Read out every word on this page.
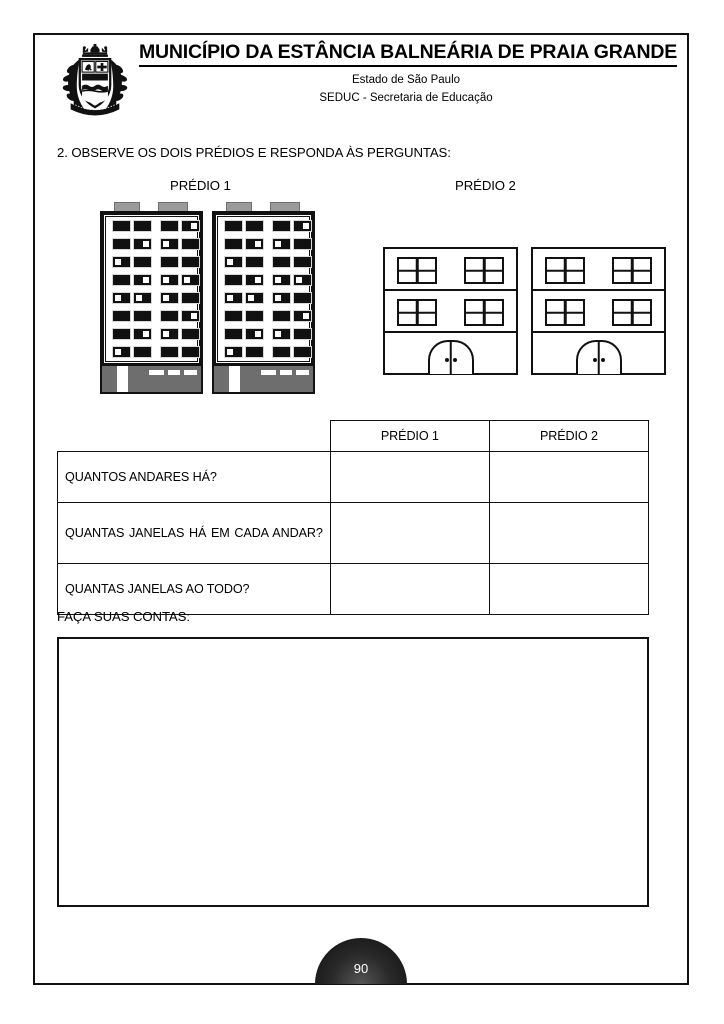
MUNICÍPIO DA ESTÂNCIA BALNEÁRIA DE PRAIA GRANDE
Estado de São Paulo
SEDUC - Secretaria de Educação
2. OBSERVE OS DOIS PRÉDIOS E RESPONDA ÀS PERGUNTAS:
PRÉDIO 1	PRÉDIO 2
	PRÉDIO 1	PRÉDIO 2
QUANTOS ANDARES HÁ?		
QUANTAS JANELAS HÁ EM CADA ANDAR?		
QUANTAS JANELAS AO TODO?		
FAÇA SUAS CONTAS:
90
